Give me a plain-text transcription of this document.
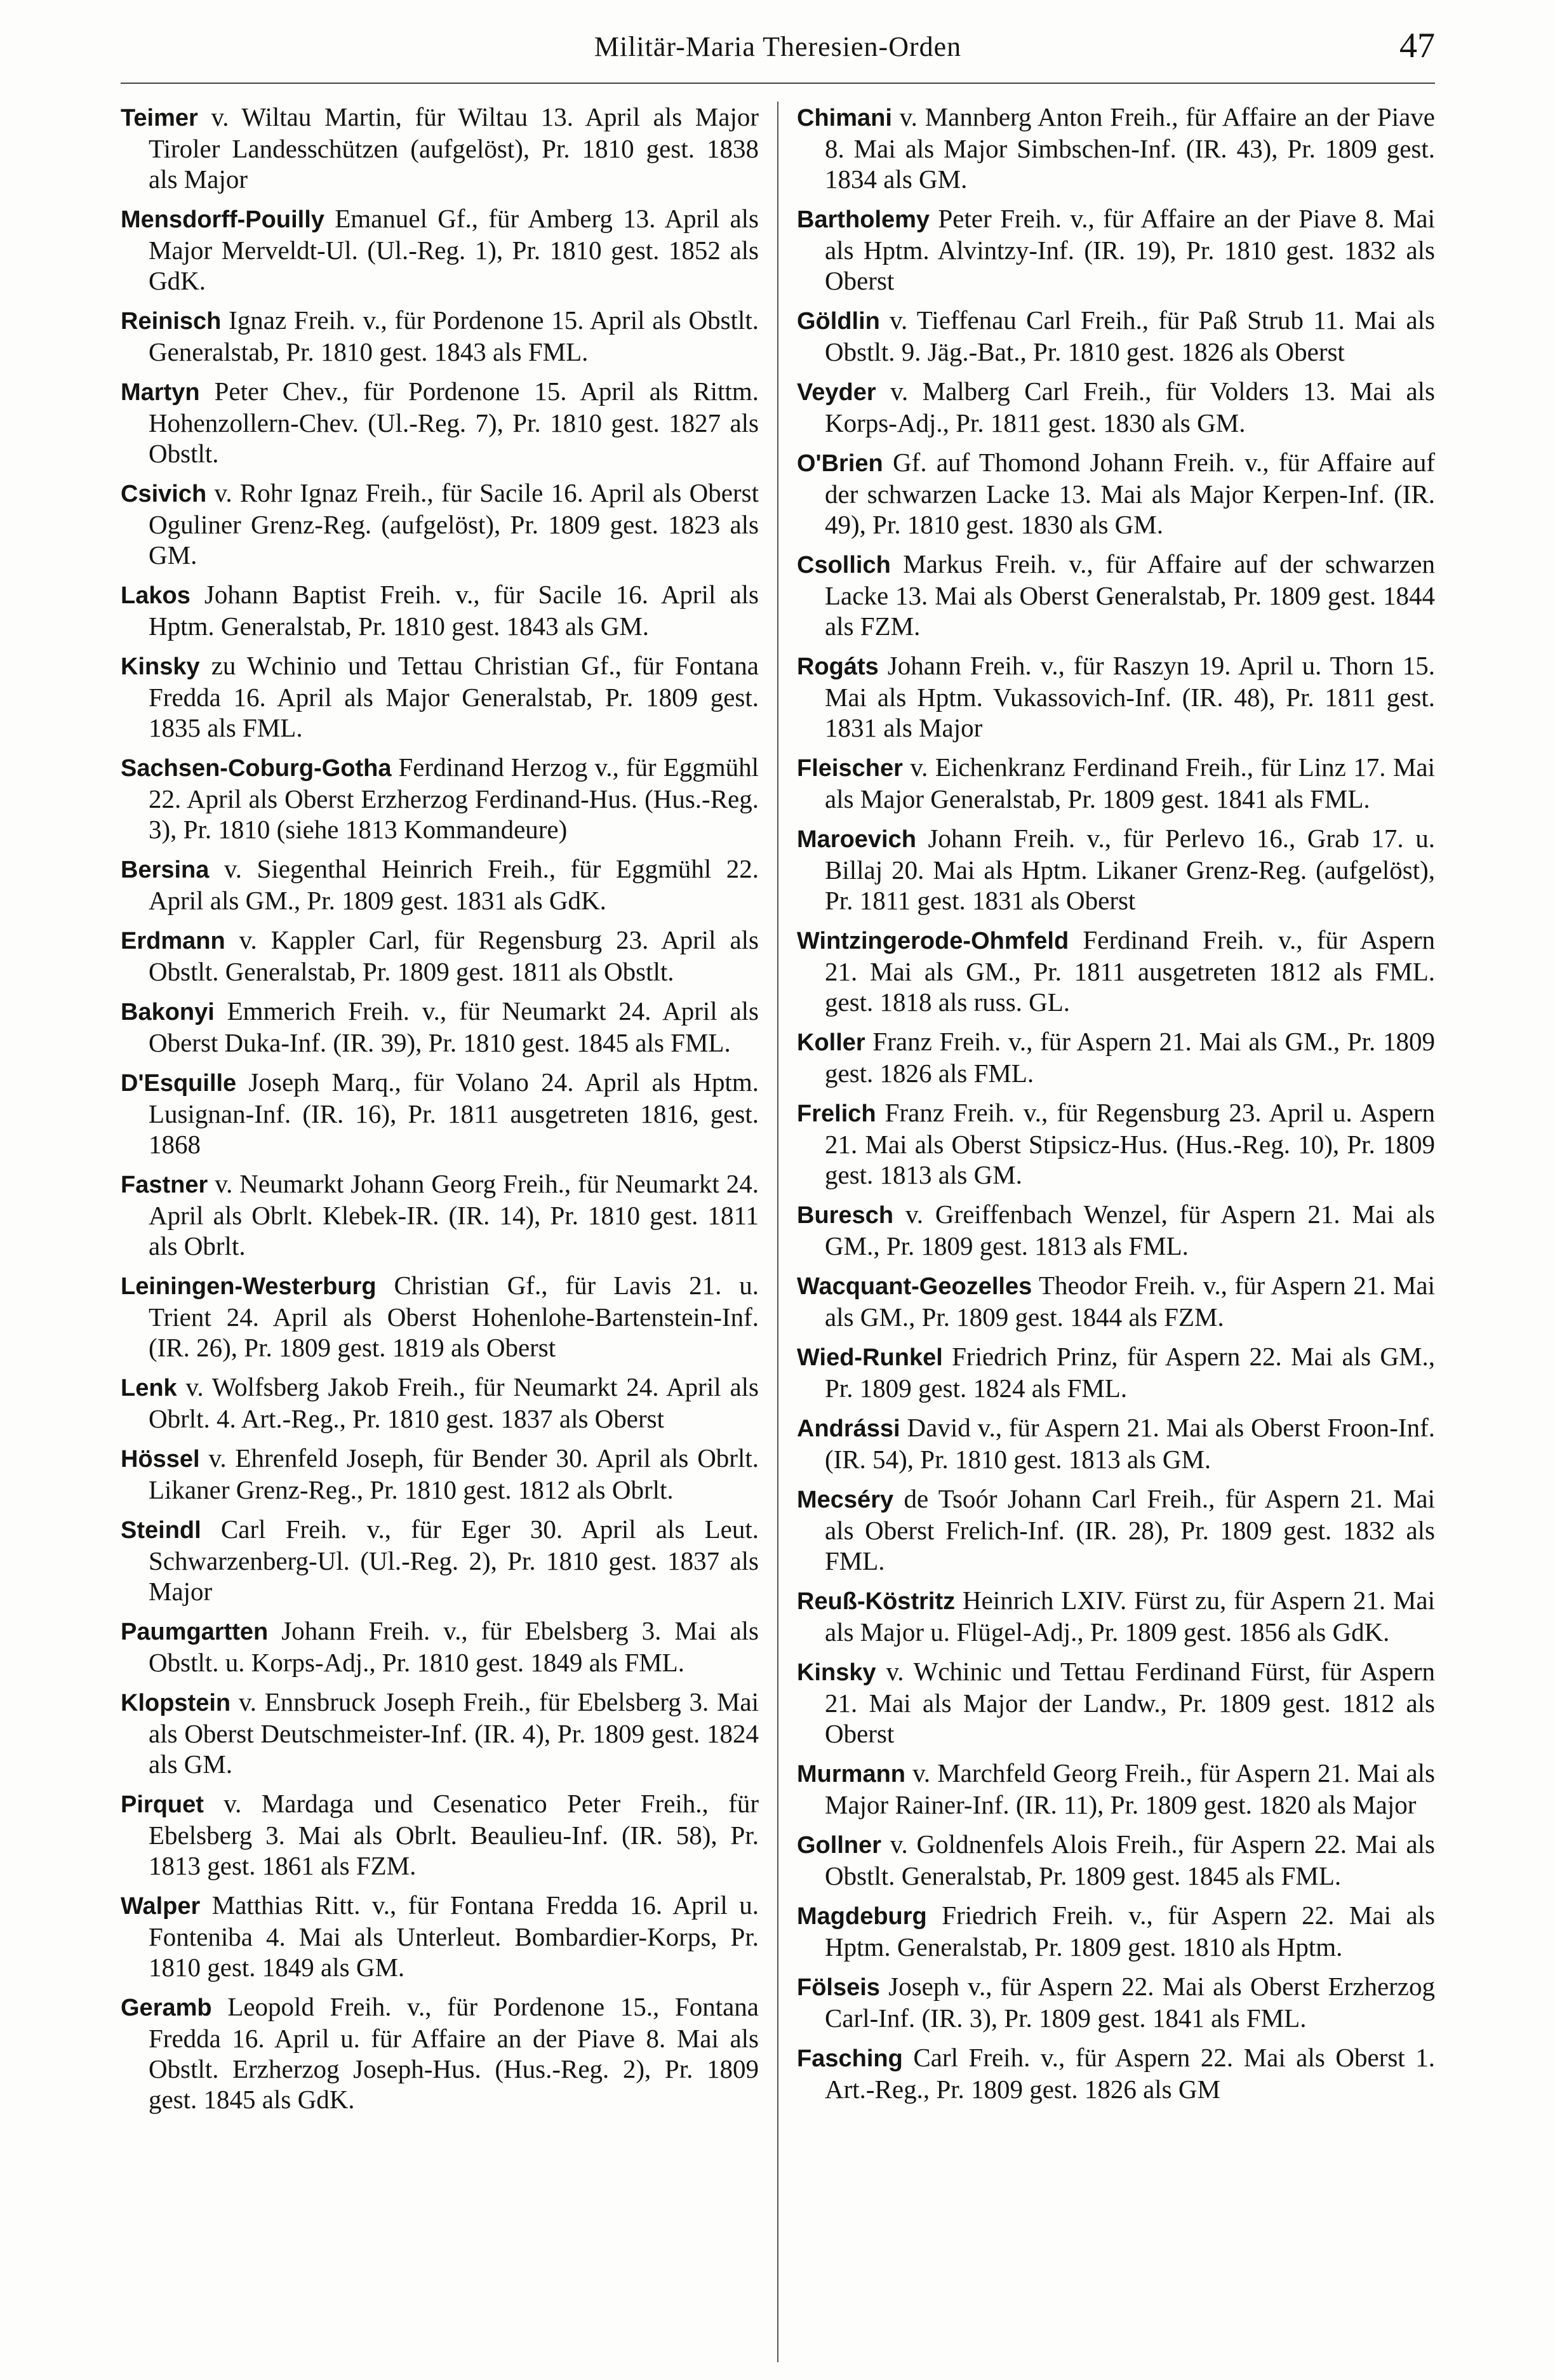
Militär-Maria Theresien-Orden	47
Teimer v. Wiltau Martin, für Wiltau 13. April als Major Tiroler Landesschützen (aufgelöst), Pr. 1810 gest. 1838 als Major
Mensdorff-Pouilly Emanuel Gf., für Amberg 13. April als Major Merveldt-Ul. (Ul.-Reg. 1), Pr. 1810 gest. 1852 als GdK.
Reinisch Ignaz Freih. v., für Pordenone 15. April als Obstlt. Generalstab, Pr. 1810 gest. 1843 als FML.
Martyn Peter Chev., für Pordenone 15. April als Rittm. Hohenzollern-Chev. (Ul.-Reg. 7), Pr. 1810 gest. 1827 als Obstlt.
Csivich v. Rohr Ignaz Freih., für Sacile 16. April als Oberst Oguliner Grenz-Reg. (aufgelöst), Pr. 1809 gest. 1823 als GM.
Lakos Johann Baptist Freih. v., für Sacile 16. April als Hptm. Generalstab, Pr. 1810 gest. 1843 als GM.
Kinsky zu Wchinio und Tettau Christian Gf., für Fontana Fredda 16. April als Major Generalstab, Pr. 1809 gest. 1835 als FML.
Sachsen-Coburg-Gotha Ferdinand Herzog v., für Eggmühl 22. April als Oberst Erzherzog Ferdinand-Hus. (Hus.-Reg. 3), Pr. 1810 (siehe 1813 Kommandeure)
Bersina v. Siegenthal Heinrich Freih., für Eggmühl 22. April als GM., Pr. 1809 gest. 1831 als GdK.
Erdmann v. Kappler Carl, für Regensburg 23. April als Obstlt. Generalstab, Pr. 1809 gest. 1811 als Obstlt.
Bakonyi Emmerich Freih. v., für Neumarkt 24. April als Oberst Duka-Inf. (IR. 39), Pr. 1810 gest. 1845 als FML.
D'Esquille Joseph Marq., für Volano 24. April als Hptm. Lusignan-Inf. (IR. 16), Pr. 1811 ausgetreten 1816, gest. 1868
Fastner v. Neumarkt Johann Georg Freih., für Neumarkt 24. April als Obrlt. Klebek-IR. (IR. 14), Pr. 1810 gest. 1811 als Obrlt.
Leiningen-Westerburg Christian Gf., für Lavis 21. u. Trient 24. April als Oberst Hohenlohe-Bartenstein-Inf. (IR. 26), Pr. 1809 gest. 1819 als Oberst
Lenk v. Wolfsberg Jakob Freih., für Neumarkt 24. April als Obrlt. 4. Art.-Reg., Pr. 1810 gest. 1837 als Oberst
Hössel v. Ehrenfeld Joseph, für Bender 30. April als Obrlt. Likaner Grenz-Reg., Pr. 1810 gest. 1812 als Obrlt.
Steindl Carl Freih. v., für Eger 30. April als Leut. Schwarzenberg-Ul. (Ul.-Reg. 2), Pr. 1810 gest. 1837 als Major
Paumgartten Johann Freih. v., für Ebelsberg 3. Mai als Obstlt. u. Korps-Adj., Pr. 1810 gest. 1849 als FML.
Klopstein v. Ennsbruck Joseph Freih., für Ebelsberg 3. Mai als Oberst Deutschmeister-Inf. (IR. 4), Pr. 1809 gest. 1824 als GM.
Pirquet v. Mardaga und Cesenatico Peter Freih., für Ebelsberg 3. Mai als Obrlt. Beaulieu-Inf. (IR. 58), Pr. 1813 gest. 1861 als FZM.
Walper Matthias Ritt. v., für Fontana Fredda 16. April u. Fonteniba 4. Mai als Unterleut. Bombardier-Korps, Pr. 1810 gest. 1849 als GM.
Geramb Leopold Freih. v., für Pordenone 15., Fontana Fredda 16. April u. für Affaire an der Piave 8. Mai als Obstlt. Erzherzog Joseph-Hus. (Hus.-Reg. 2), Pr. 1809 gest. 1845 als GdK.
Chimani v. Mannberg Anton Freih., für Affaire an der Piave 8. Mai als Major Simbschen-Inf. (IR. 43), Pr. 1809 gest. 1834 als GM.
Bartholemy Peter Freih. v., für Affaire an der Piave 8. Mai als Hptm. Alvintzy-Inf. (IR. 19), Pr. 1810 gest. 1832 als Oberst
Göldlin v. Tieffenau Carl Freih., für Paß Strub 11. Mai als Obstlt. 9. Jäg.-Bat., Pr. 1810 gest. 1826 als Oberst
Veyder v. Malberg Carl Freih., für Volders 13. Mai als Korps-Adj., Pr. 1811 gest. 1830 als GM.
O'Brien Gf. auf Thomond Johann Freih. v., für Affaire auf der schwarzen Lacke 13. Mai als Major Kerpen-Inf. (IR. 49), Pr. 1810 gest. 1830 als GM.
Csollich Markus Freih. v., für Affaire auf der schwarzen Lacke 13. Mai als Oberst Generalstab, Pr. 1809 gest. 1844 als FZM.
Rogáts Johann Freih. v., für Raszyn 19. April u. Thorn 15. Mai als Hptm. Vukassovich-Inf. (IR. 48), Pr. 1811 gest. 1831 als Major
Fleischer v. Eichenkranz Ferdinand Freih., für Linz 17. Mai als Major Generalstab, Pr. 1809 gest. 1841 als FML.
Maroevich Johann Freih. v., für Perlevo 16., Grab 17. u. Billaj 20. Mai als Hptm. Likaner Grenz-Reg. (aufgelöst), Pr. 1811 gest. 1831 als Oberst
Wintzingerode-Ohmfeld Ferdinand Freih. v., für Aspern 21. Mai als GM., Pr. 1811 ausgetreten 1812 als FML. gest. 1818 als russ. GL.
Koller Franz Freih. v., für Aspern 21. Mai als GM., Pr. 1809 gest. 1826 als FML.
Frelich Franz Freih. v., für Regensburg 23. April u. Aspern 21. Mai als Oberst Stipsicz-Hus. (Hus.-Reg. 10), Pr. 1809 gest. 1813 als GM.
Buresch v. Greiffenbach Wenzel, für Aspern 21. Mai als GM., Pr. 1809 gest. 1813 als FML.
Wacquant-Geozelles Theodor Freih. v., für Aspern 21. Mai als GM., Pr. 1809 gest. 1844 als FZM.
Wied-Runkel Friedrich Prinz, für Aspern 22. Mai als GM., Pr. 1809 gest. 1824 als FML.
Andrássi David v., für Aspern 21. Mai als Oberst Froon-Inf. (IR. 54), Pr. 1810 gest. 1813 als GM.
Mecséry de Tsoór Johann Carl Freih., für Aspern 21. Mai als Oberst Frelich-Inf. (IR. 28), Pr. 1809 gest. 1832 als FML.
Reuß-Köstritz Heinrich LXIV. Fürst zu, für Aspern 21. Mai als Major u. Flügel-Adj., Pr. 1809 gest. 1856 als GdK.
Kinsky v. Wchinic und Tettau Ferdinand Fürst, für Aspern 21. Mai als Major der Landw., Pr. 1809 gest. 1812 als Oberst
Murmann v. Marchfeld Georg Freih., für Aspern 21. Mai als Major Rainer-Inf. (IR. 11), Pr. 1809 gest. 1820 als Major
Gollner v. Goldnenfels Alois Freih., für Aspern 22. Mai als Obstlt. Generalstab, Pr. 1809 gest. 1845 als FML.
Magdeburg Friedrich Freih. v., für Aspern 22. Mai als Hptm. Generalstab, Pr. 1809 gest. 1810 als Hptm.
Fölseis Joseph v., für Aspern 22. Mai als Oberst Erzherzog Carl-Inf. (IR. 3), Pr. 1809 gest. 1841 als FML.
Fasching Carl Freih. v., für Aspern 22. Mai als Oberst 1. Art.-Reg., Pr. 1809 gest. 1826 als GM
